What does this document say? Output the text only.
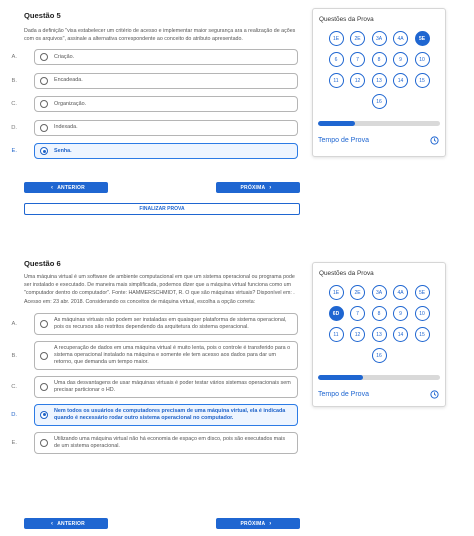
Questão 5
Dada a definição "visa estabelecer um critério de acesso e implementar maior segurança ara a realização de ações com os arquivos", assinale a alternativa correspondente ao conceito do atributo apresentado.
A.	Criação.
B.	Encadeada.
C.	Organização.
D.	Indexada.
E.	Senha.
‹ ANTERIOR	PRÓXIMA ›
FINALIZAR PROVA
Questões da Prova
1E	2E	3A	4A	5E
6	7	8	9	10
11	12	13	14	15
16
Tempo de Prova
Questão 6
Uma máquina virtual é um software de ambiente computacional em que um sistema operacional ou programa pode ser instalado e executado. De maneira mais simplificada, podemos dizer que a máquina virtual funciona como um "computador dentro do computador". Fonte: HAMMERSCHMIDT, R. O que são máquinas virtuais? Disponível em: . Acesso em: 23 abr. 2018. Considerando os conceitos de máquina virtual, escolha a opção correta:
A.
As máquinas virtuais não podem ser instaladas em quaisquer plataforma de sistema operacional, pois os recursos são restritos dependendo da arquitetura do sistema operacional.
B.
A recuperação de dados em uma máquina virtual é muito lenta, pois o controle é transferido para o sistema operacional instalado na máquina e somente ele tem acesso aos dados para dar um retorno, que demanda um tempo maior.
C.
Uma das desvantagens de usar máquinas virtuais é poder testar vários sistemas operacionais sem precisar particionar o HD.
D.
Nem todos os usuários de computadores precisam de uma máquina virtual, ela é indicada quando é necessário rodar outro sistema operacional no computador.
E.
Utilizando uma máquina virtual não há economia de espaço em disco, pois são executados mais de um sistema operacional.
‹ ANTERIOR	PRÓXIMA ›
Questões da Prova
1E	2E	3A	4A	5E
6D	7	8	9	10
11	12	13	14	15
16
Tempo de Prova
